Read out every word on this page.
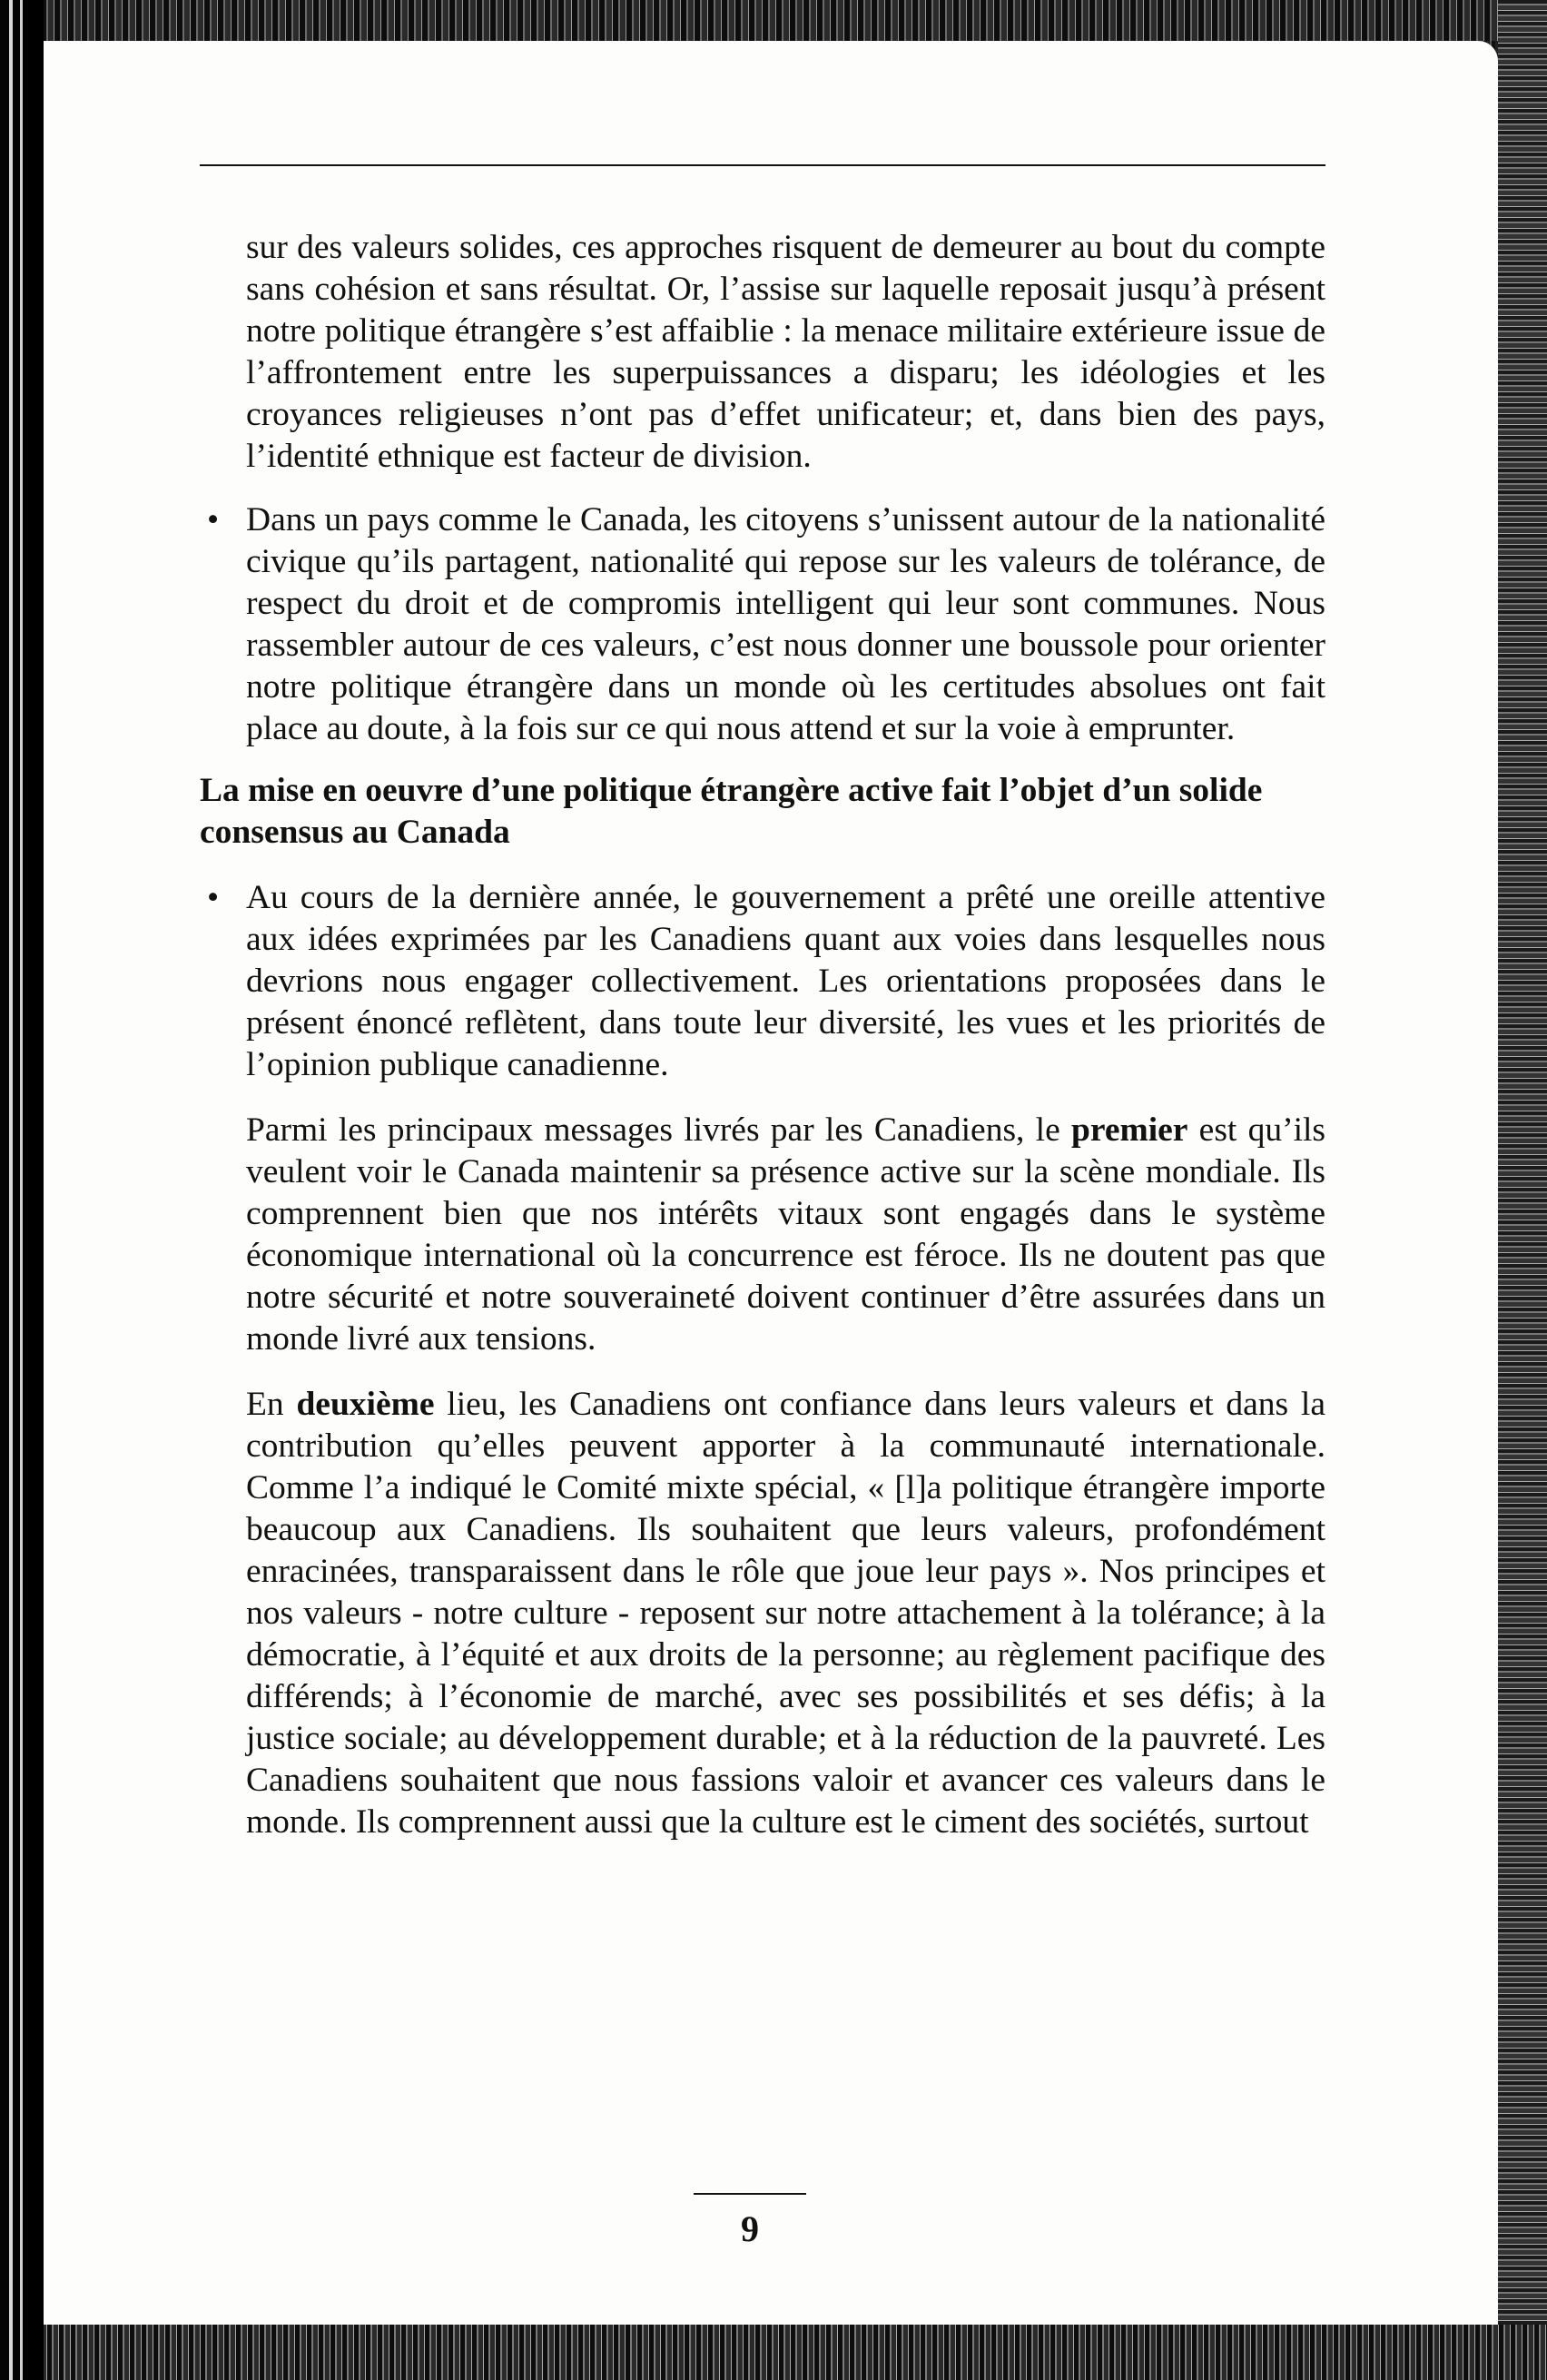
sur des valeurs solides, ces approches risquent de demeurer au bout du compte sans cohésion et sans résultat. Or, l’assise sur laquelle reposait jusqu’à présent notre politique étrangère s’est affaiblie : la menace militaire extérieure issue de l’affrontement entre les superpuissances a disparu; les idéologies et les croyances religieuses n’ont pas d’effet unificateur; et, dans bien des pays, l’identité ethnique est facteur de division.

• Dans un pays comme le Canada, les citoyens s’unissent autour de la nationalité civique qu’ils partagent, nationalité qui repose sur les valeurs de tolérance, de respect du droit et de compromis intelligent qui leur sont communes. Nous rassembler autour de ces valeurs, c’est nous donner une boussole pour orienter notre politique étrangère dans un monde où les certitudes absolues ont fait place au doute, à la fois sur ce qui nous attend et sur la voie à emprunter.

La mise en oeuvre d’une politique étrangère active fait l’objet d’un solide consensus au Canada

• Au cours de la dernière année, le gouvernement a prêté une oreille attentive aux idées exprimées par les Canadiens quant aux voies dans lesquelles nous devrions nous engager collectivement. Les orientations proposées dans le présent énoncé reflètent, dans toute leur diversité, les vues et les priorités de l’opinion publique canadienne.

Parmi les principaux messages livrés par les Canadiens, le premier est qu’ils veulent voir le Canada maintenir sa présence active sur la scène mondiale. Ils comprennent bien que nos intérêts vitaux sont engagés dans le système économique international où la concurrence est féroce. Ils ne doutent pas que notre sécurité et notre souveraineté doivent continuer d’être assurées dans un monde livré aux tensions.

En deuxième lieu, les Canadiens ont confiance dans leurs valeurs et dans la contribution qu’elles peuvent apporter à la communauté internationale. Comme l’a indiqué le Comité mixte spécial, « [l]a politique étrangère importe beaucoup aux Canadiens. Ils souhaitent que leurs valeurs, profondément enracinées, transparaissent dans le rôle que joue leur pays ». Nos principes et nos valeurs - notre culture - reposent sur notre attachement à la tolérance; à la démocratie, à l’équité et aux droits de la personne; au règlement pacifique des différends; à l’économie de marché, avec ses possibilités et ses défis; à la justice sociale; au développement durable; et à la réduction de la pauvreté. Les Canadiens souhaitent que nous fassions valoir et avancer ces valeurs dans le monde. Ils comprennent aussi que la culture est le ciment des sociétés, surtout

9
